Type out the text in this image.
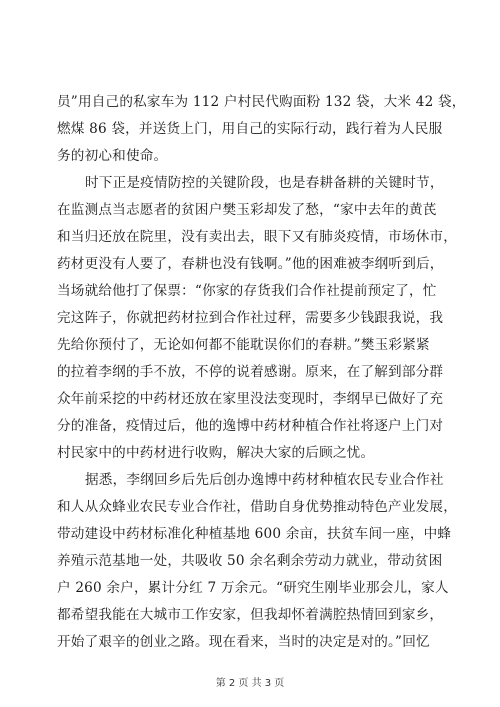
员”用自己的私家车为 112 户村民代购面粉 132 袋，大米 42 袋，
燃煤 86 袋，并送货上门，用自己的实际行动，践行着为人民服
务的初心和使命。
时下正是疫情防控的关键阶段，也是春耕备耕的关键时节，
在监测点当志愿者的贫困户樊玉彩却发了愁，“家中去年的黄芪
和当归还放在院里，没有卖出去，眼下又有肺炎疫情，市场休市，
药材更没有人要了，春耕也没有钱啊。”他的困难被李纲听到后，
当场就给他打了保票：“你家的存货我们合作社提前预定了，忙
完这阵子，你就把药材拉到合作社过秤，需要多少钱跟我说，我
先给你预付了，无论如何都不能耽误你们的春耕。”樊玉彩紧紧
的拉着李纲的手不放，不停的说着感谢。原来，在了解到部分群
众年前采挖的中药材还放在家里没法变现时，李纲早已做好了充
分的准备，疫情过后，他的逸博中药材种植合作社将逐户上门对
村民家中的中药材进行收购，解决大家的后顾之忧。
据悉，李纲回乡后先后创办逸博中药材种植农民专业合作社
和人从众蜂业农民专业合作社，借助自身优势推动特色产业发展，
带动建设中药材标准化种植基地 600 余亩，扶贫车间一座，中蜂
养殖示范基地一处，共吸收 50 余名剩余劳动力就业，带动贫困
户 260 余户，累计分红 7 万余元。“研究生刚毕业那会儿，家人
都希望我能在大城市工作安家，但我却怀着满腔热情回到家乡，
开始了艰辛的创业之路。现在看来，当时的决定是对的。”回忆
第 2 页 共 3 页
